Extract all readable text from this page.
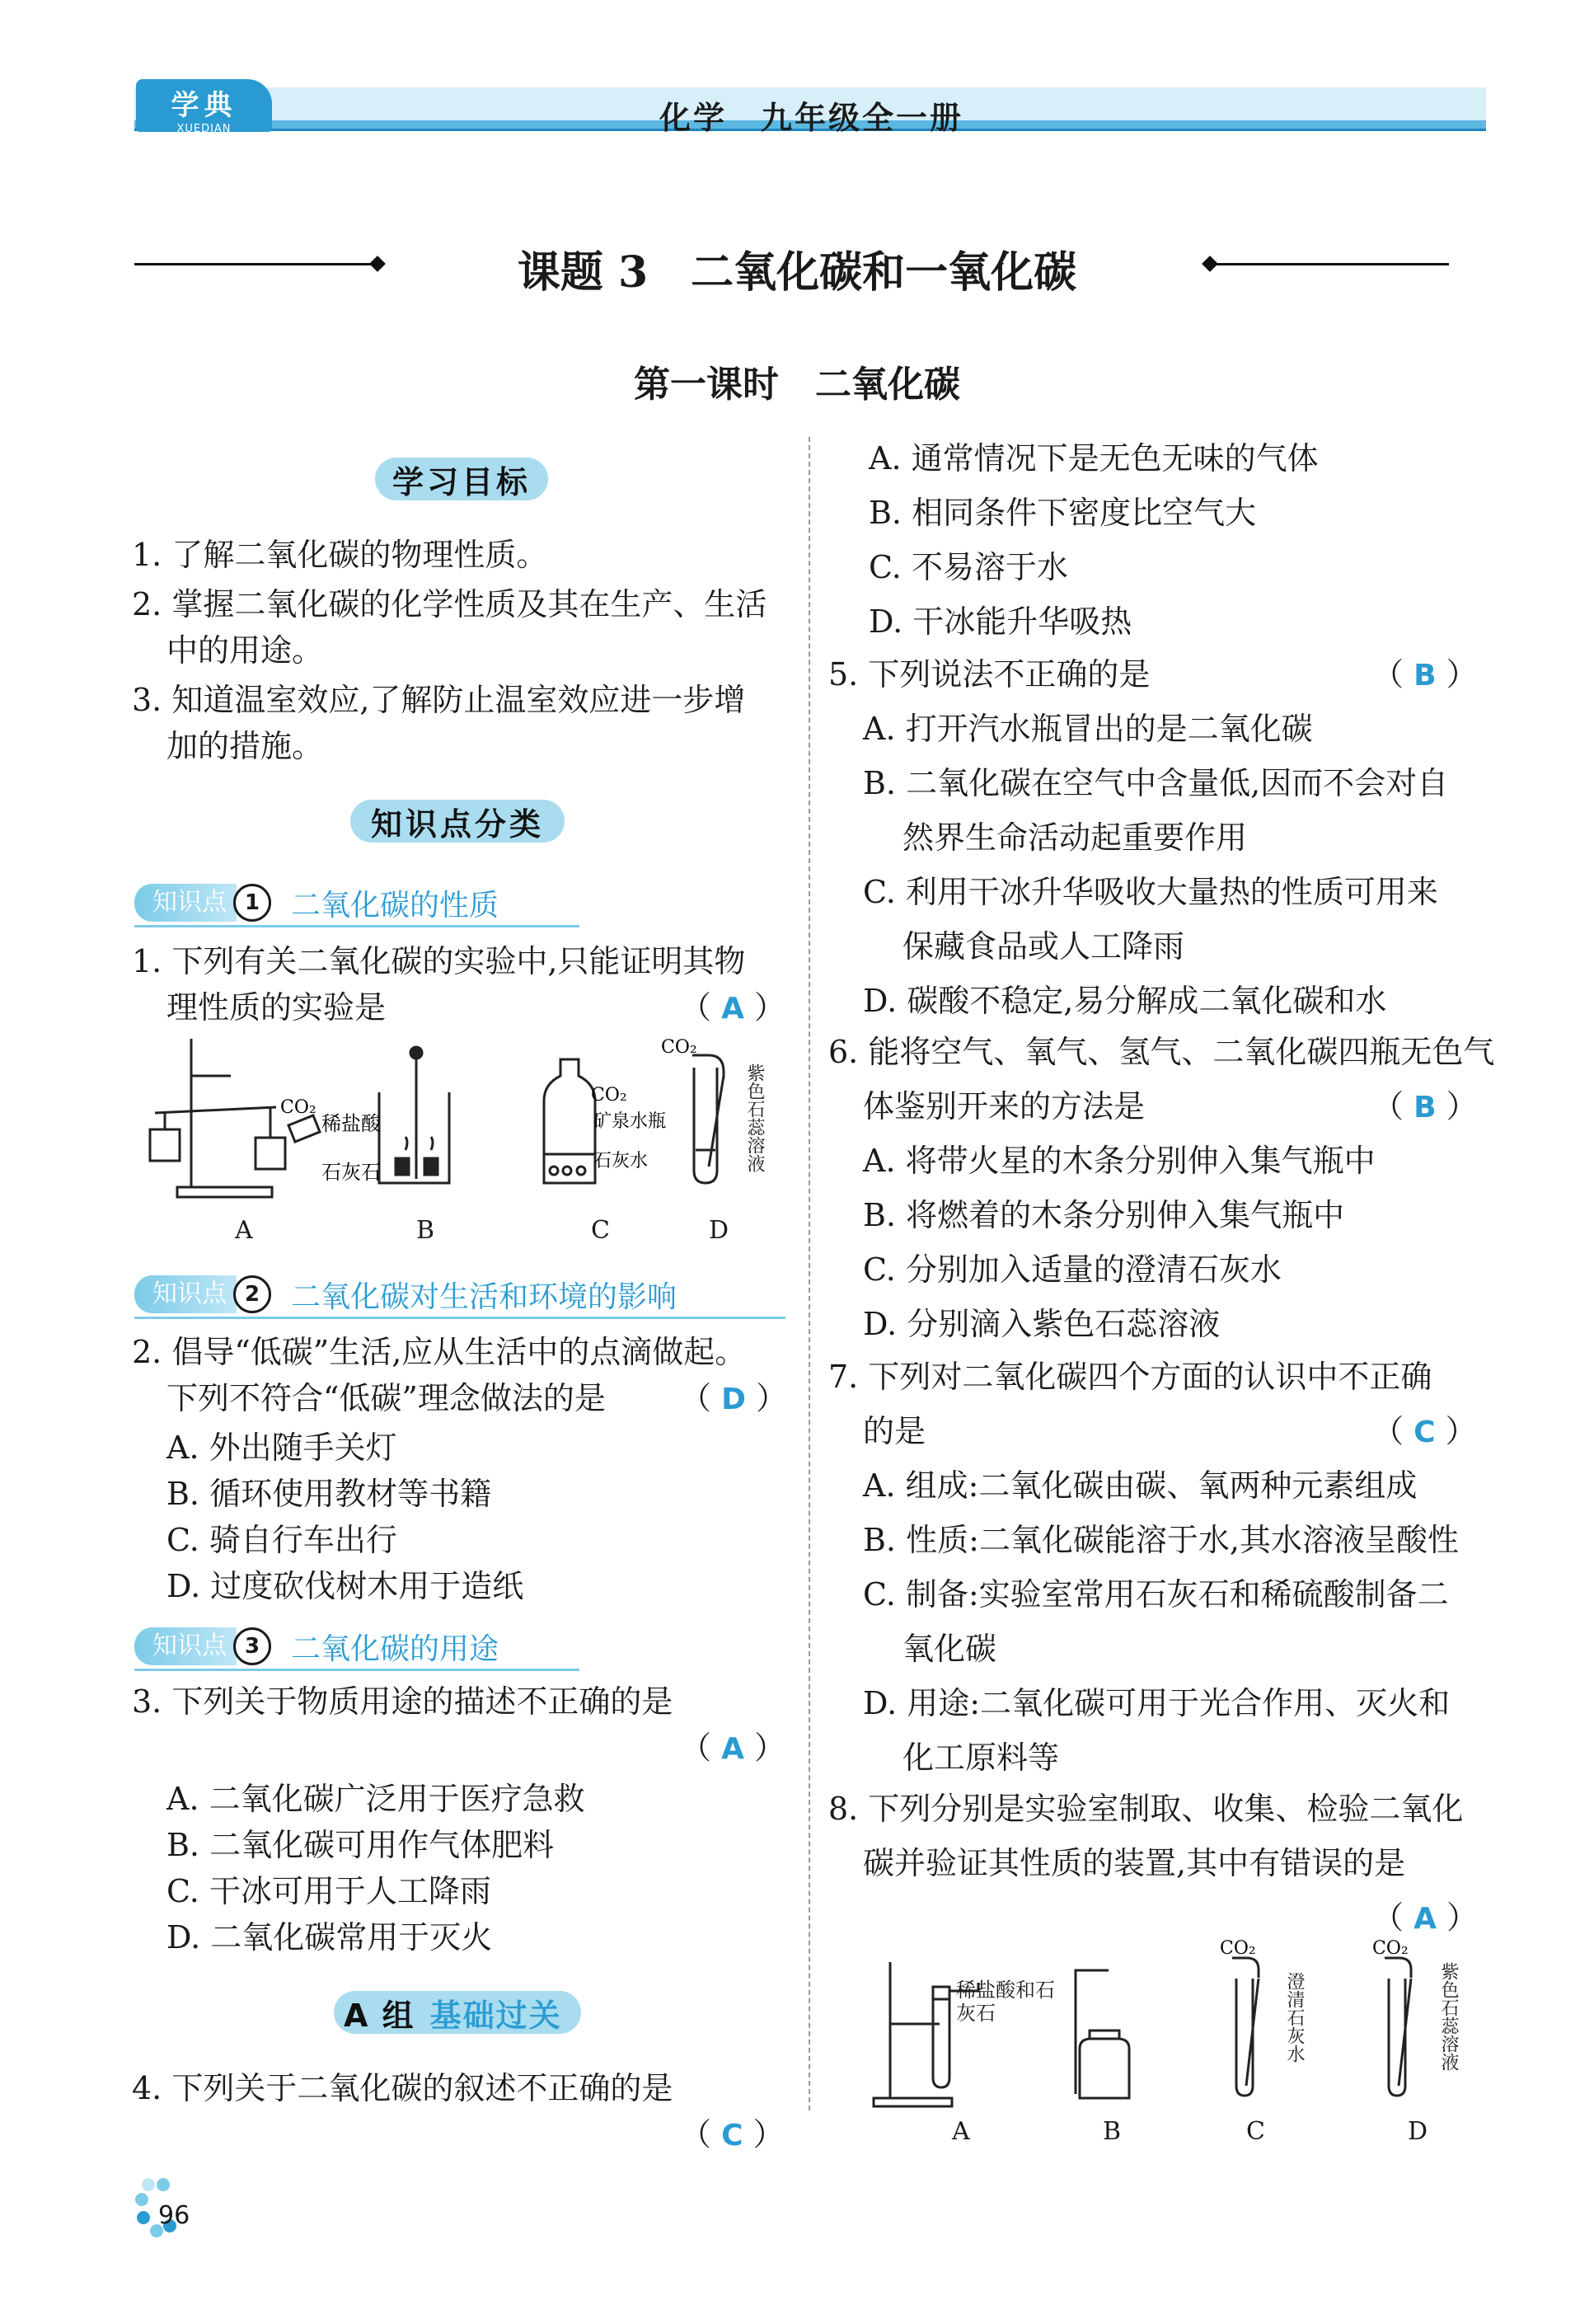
学典
XUEDIAN	化学　九年级全一册
课题 3　二氧化碳和一氧化碳
第一课时　二氧化碳
学习目标
1. 了解二氧化碳的物理性质。
2. 掌握二氧化碳的化学性质及其在生产、生活
中的用途。
3. 知道温室效应,了解防止温室效应进一步增
加的措施。
知识点分类
知识点 1	二氧化碳的性质
1. 下列有关二氧化碳的实验中,只能证明其物
理性质的实验是	（ A ）
CO₂
稀盐酸
石灰石
CO₂
矿泉水瓶
石灰水
CO₂
紫色石蕊溶液
A	B	C	D
知识点 2	二氧化碳对生活和环境的影响
2. 倡导“低碳”生活,应从生活中的点滴做起。
下列不符合“低碳”理念做法的是	（ D ）
A. 外出随手关灯
B. 循环使用教材等书籍
C. 骑自行车出行
D. 过度砍伐树木用于造纸
知识点 3	二氧化碳的用途
3. 下列关于物质用途的描述不正确的是
（ A ）
A. 二氧化碳广泛用于医疗急救
B. 二氧化碳可用作气体肥料
C. 干冰可用于人工降雨
D. 二氧化碳常用于灭火
A 组 基础过关
4. 下列关于二氧化碳的叙述不正确的是
（ C ）
96
A. 通常情况下是无色无味的气体
B. 相同条件下密度比空气大
C. 不易溶于水
D. 干冰能升华吸热
5. 下列说法不正确的是	（ B ）
A. 打开汽水瓶冒出的是二氧化碳
B. 二氧化碳在空气中含量低,因而不会对自
然界生命活动起重要作用
C. 利用干冰升华吸收大量热的性质可用来
保藏食品或人工降雨
D. 碳酸不稳定,易分解成二氧化碳和水
6. 能将空气、氧气、氢气、二氧化碳四瓶无色气
体鉴别开来的方法是	（ B ）
A. 将带火星的木条分别伸入集气瓶中
B. 将燃着的木条分别伸入集气瓶中
C. 分别加入适量的澄清石灰水
D. 分别滴入紫色石蕊溶液
7. 下列对二氧化碳四个方面的认识中不正确
的是	（ C ）
A. 组成:二氧化碳由碳、氧两种元素组成
B. 性质:二氧化碳能溶于水,其水溶液呈酸性
C. 制备:实验室常用石灰石和稀硫酸制备二
氧化碳
D. 用途:二氧化碳可用于光合作用、灭火和
化工原料等
8. 下列分别是实验室制取、收集、检验二氧化
碳并验证其性质的装置,其中有错误的是
（ A ）
CO₂	CO₂
稀盐酸和石灰石	澄清石灰水	紫色石蕊溶液
A	B	C	D
